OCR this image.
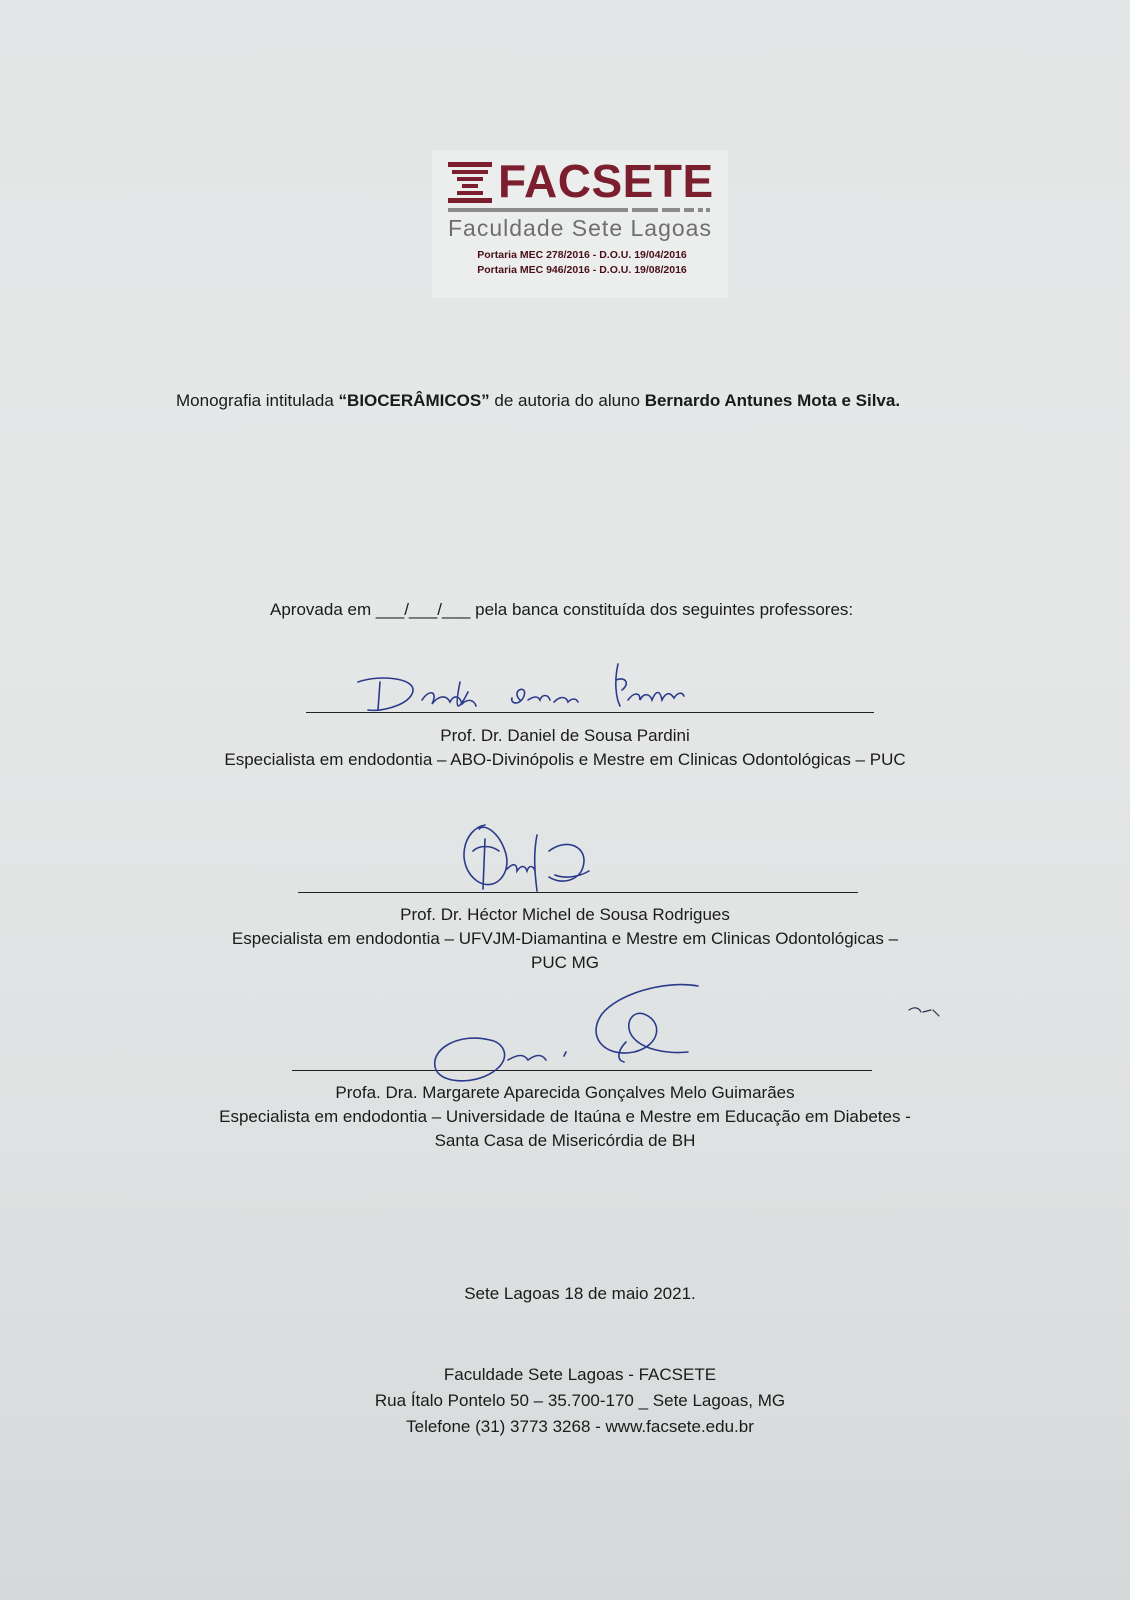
FACSETE
Faculdade Sete Lagoas
Portaria MEC 278/2016 - D.O.U. 19/04/2016
Portaria MEC 946/2016 - D.O.U. 19/08/2016
Monografia intitulada “BIOCERÂMICOS” de autoria do aluno Bernardo Antunes Mota e Silva.
Aprovada em ___/___/___ pela banca constituída dos seguintes professores:
Prof. Dr. Daniel de Sousa Pardini
Especialista em endodontia – ABO-Divinópolis e Mestre em Clinicas Odontológicas – PUC
Prof. Dr. Héctor Michel de Sousa Rodrigues
Especialista em endodontia – UFVJM-Diamantina e Mestre em Clinicas Odontológicas –
PUC MG
Profa. Dra. Margarete Aparecida Gonçalves Melo Guimarães
Especialista em endodontia – Universidade de Itaúna e Mestre em Educação em Diabetes -
Santa Casa de Misericórdia de BH
Sete Lagoas 18 de maio 2021.
Faculdade Sete Lagoas - FACSETE
Rua Ítalo Pontelo 50 – 35.700-170 _ Sete Lagoas, MG
Telefone (31) 3773 3268 - www.facsete.edu.br
